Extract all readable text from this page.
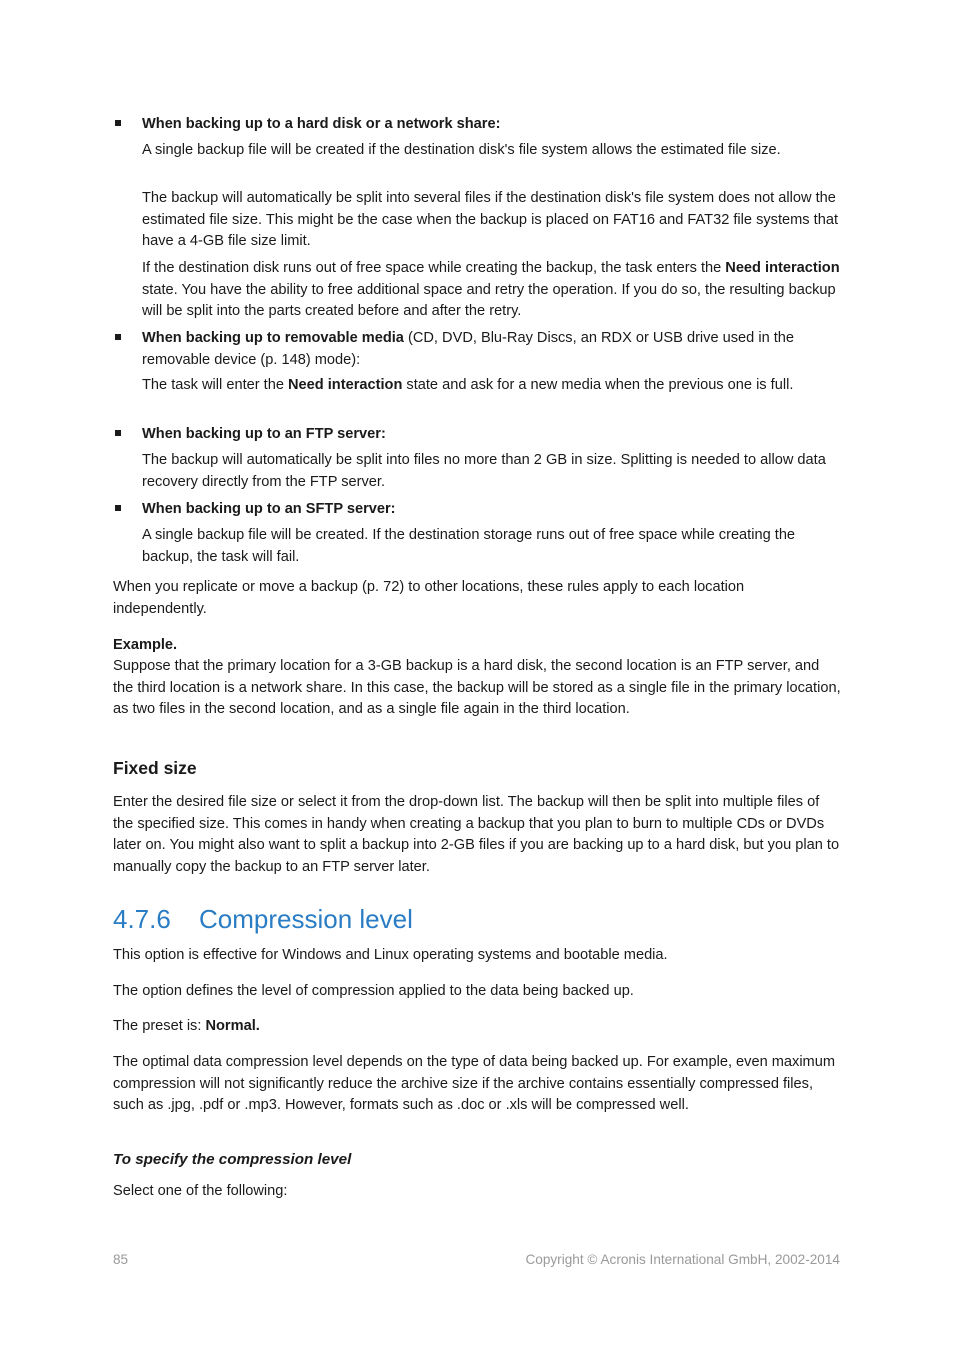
When backing up to a hard disk or a network share:
A single backup file will be created if the destination disk's file system allows the estimated file size.
The backup will automatically be split into several files if the destination disk's file system does not allow the estimated file size. This might be the case when the backup is placed on FAT16 and FAT32 file systems that have a 4-GB file size limit.
If the destination disk runs out of free space while creating the backup, the task enters the Need interaction state. You have the ability to free additional space and retry the operation. If you do so, the resulting backup will be split into the parts created before and after the retry.
When backing up to removable media (CD, DVD, Blu-Ray Discs, an RDX or USB drive used in the removable device (p. 148) mode):
The task will enter the Need interaction state and ask for a new media when the previous one is full.
When backing up to an FTP server:
The backup will automatically be split into files no more than 2 GB in size. Splitting is needed to allow data recovery directly from the FTP server.
When backing up to an SFTP server:
A single backup file will be created. If the destination storage runs out of free space while creating the backup, the task will fail.
When you replicate or move a backup (p. 72) to other locations, these rules apply to each location independently.
Example.
Suppose that the primary location for a 3-GB backup is a hard disk, the second location is an FTP server, and the third location is a network share. In this case, the backup will be stored as a single file in the primary location, as two files in the second location, and as a single file again in the third location.
Fixed size
Enter the desired file size or select it from the drop-down list. The backup will then be split into multiple files of the specified size. This comes in handy when creating a backup that you plan to burn to multiple CDs or DVDs later on. You might also want to split a backup into 2-GB files if you are backing up to a hard disk, but you plan to manually copy the backup to an FTP server later.
4.7.6 Compression level
This option is effective for Windows and Linux operating systems and bootable media.
The option defines the level of compression applied to the data being backed up.
The preset is: Normal.
The optimal data compression level depends on the type of data being backed up. For example, even maximum compression will not significantly reduce the archive size if the archive contains essentially compressed files, such as .jpg, .pdf or .mp3. However, formats such as .doc or .xls will be compressed well.
To specify the compression level
Select one of the following:
85	Copyright © Acronis International GmbH, 2002-2014
